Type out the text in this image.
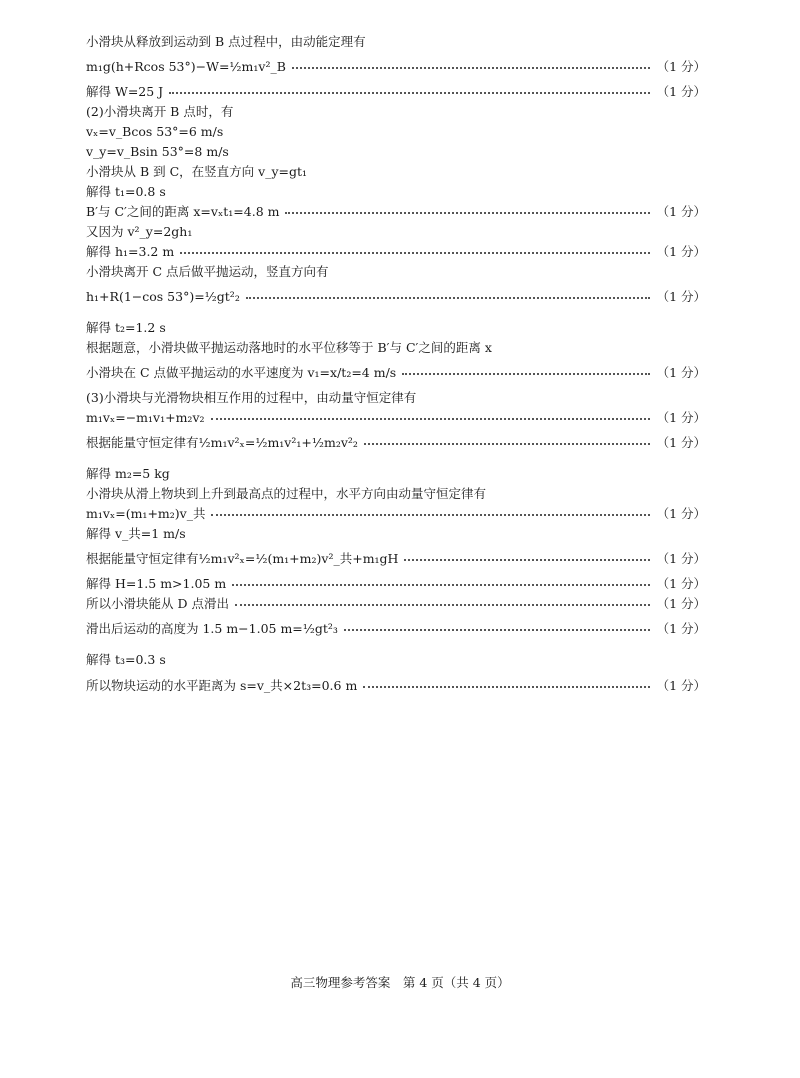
小滑块从释放到运动到 B 点过程中，由动能定理有
m₁g(h+Rcos 53°)−W=½m₁v²_B	（1 分）
解得 W=25 J	（1 分）
(2)小滑块离开 B 点时，有
vₓ=v_Bcos 53°=6 m/s
v_y=v_Bsin 53°=8 m/s
小滑块从 B 到 C，在竖直方向 v_y=gt₁
解得 t₁=0.8 s
B′与 C′之间的距离 x=vₓt₁=4.8 m	（1 分）
又因为 v²_y=2gh₁
解得 h₁=3.2 m	（1 分）
小滑块离开 C 点后做平抛运动，竖直方向有
h₁+R(1−cos 53°)=½gt²₂	（1 分）
解得 t₂=1.2 s
根据题意，小滑块做平抛运动落地时的水平位移等于 B′与 C′之间的距离 x
小滑块在 C 点做平抛运动的水平速度为 v₁=x/t₂=4 m/s	（1 分）
(3)小滑块与光滑物块相互作用的过程中，由动量守恒定律有
m₁vₓ=−m₁v₁+m₂v₂	（1 分）
根据能量守恒定律有½m₁v²ₓ=½m₁v²₁+½m₂v²₂	（1 分）
解得 m₂=5 kg
小滑块从滑上物块到上升到最高点的过程中，水平方向由动量守恒定律有
m₁vₓ=(m₁+m₂)v_共	（1 分）
解得 v_共=1 m/s
根据能量守恒定律有½m₁v²ₓ=½(m₁+m₂)v²_共+m₁gH	（1 分）
解得 H=1.5 m>1.05 m	（1 分）
所以小滑块能从 D 点滑出	（1 分）
滑出后运动的高度为 1.5 m−1.05 m=½gt²₃	（1 分）
解得 t₃=0.3 s
所以物块运动的水平距离为 s=v_共×2t₃=0.6 m	（1 分）
高三物理参考答案　第 4 页（共 4 页）
